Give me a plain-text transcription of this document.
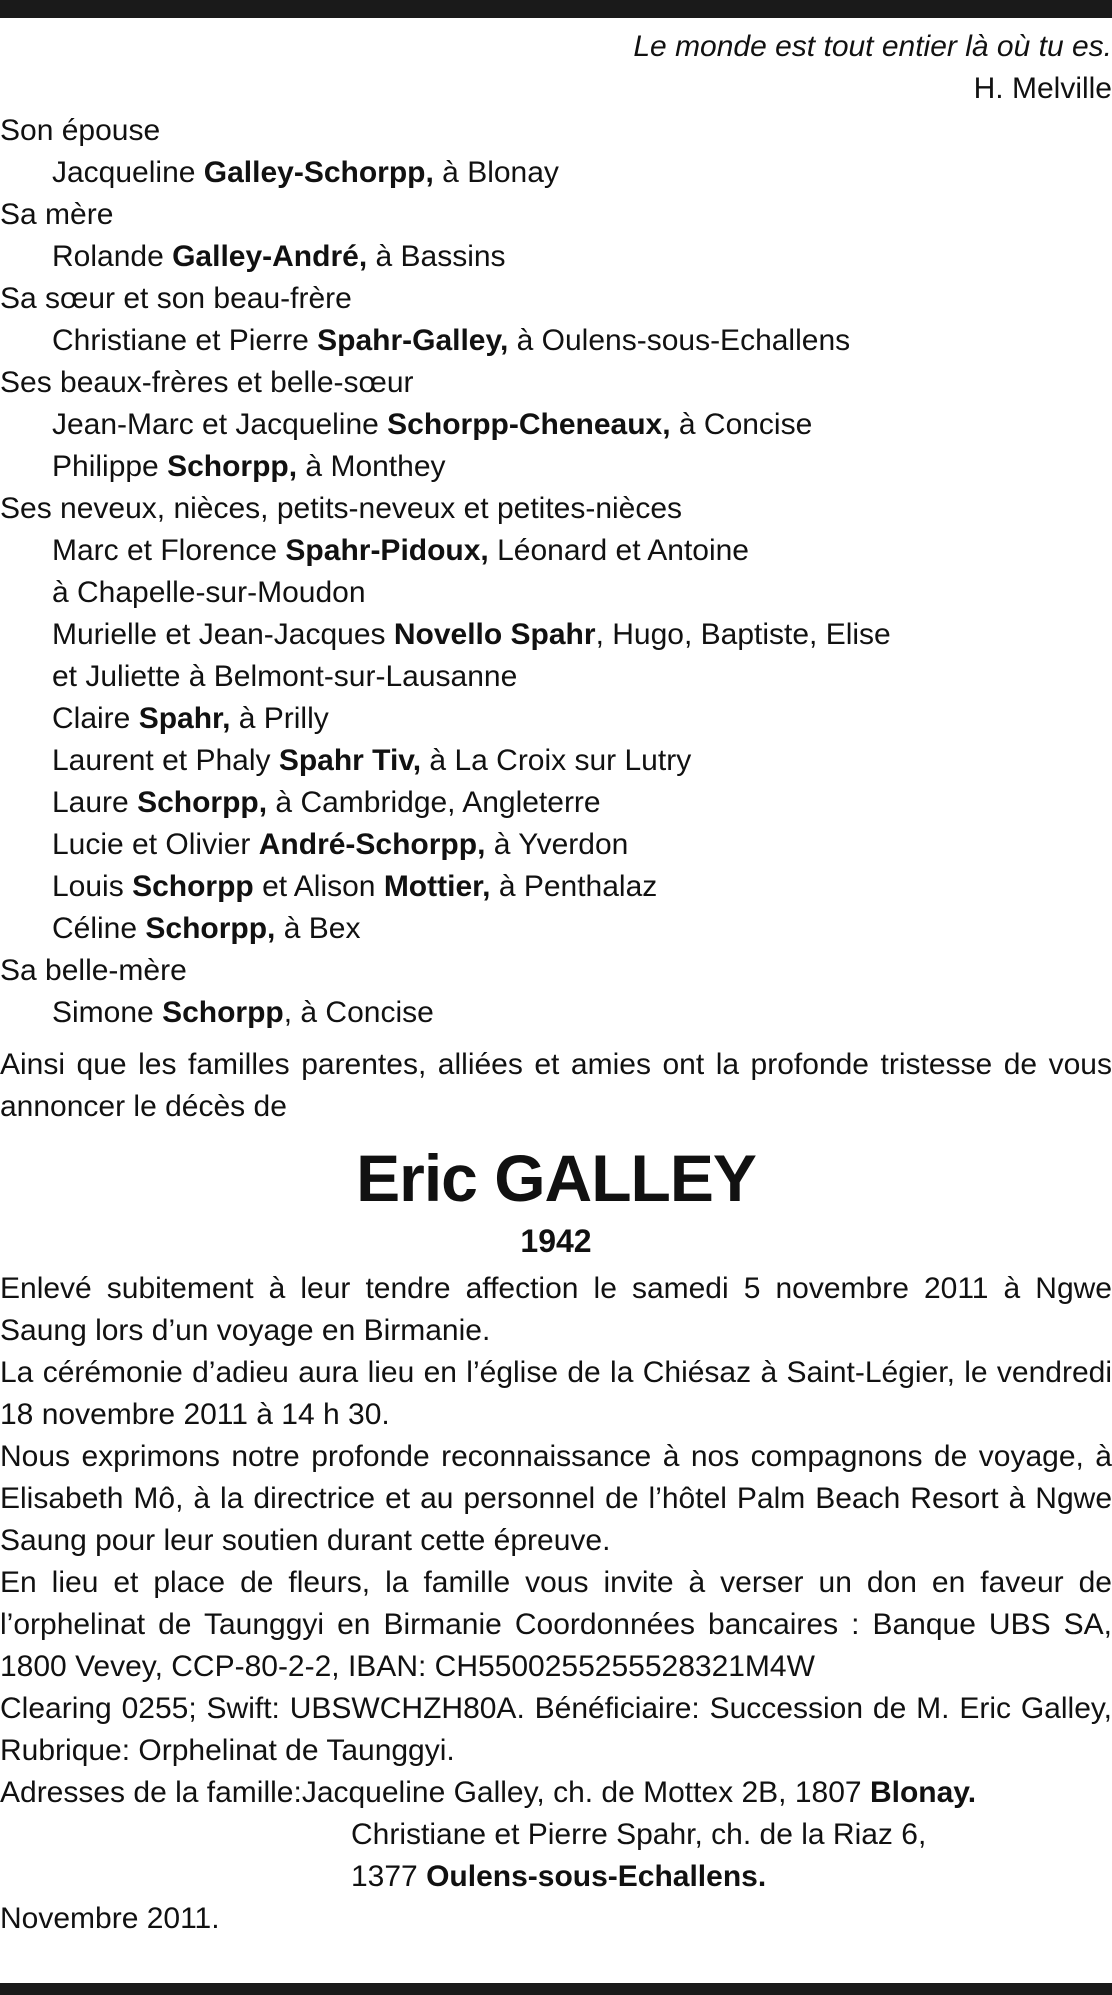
Le monde est tout entier là où tu es.
H. Melville
Son épouse
Jacqueline Galley-Schorpp, à Blonay
Sa mère
Rolande Galley-André, à Bassins
Sa sœur et son beau-frère
Christiane et Pierre Spahr-Galley, à Oulens-sous-Echallens
Ses beaux-frères et belle-sœur
Jean-Marc et Jacqueline Schorpp-Cheneaux, à Concise
Philippe Schorpp, à Monthey
Ses neveux, nièces, petits-neveux et petites-nièces
Marc et Florence Spahr-Pidoux, Léonard et Antoine
à Chapelle-sur-Moudon
Murielle et Jean-Jacques Novello Spahr, Hugo, Baptiste, Elise
et Juliette à Belmont-sur-Lausanne
Claire Spahr, à Prilly
Laurent et Phaly Spahr Tiv, à La Croix sur Lutry
Laure Schorpp, à Cambridge, Angleterre
Lucie et Olivier André-Schorpp, à Yverdon
Louis Schorpp et Alison Mottier, à Penthalaz
Céline Schorpp, à Bex
Sa belle-mère
Simone Schorpp, à Concise
Ainsi que les familles parentes, alliées et amies ont la profonde tristesse de vous annoncer le décès de
Eric GALLEY
1942
Enlevé subitement à leur tendre affection le samedi 5 novembre 2011 à Ngwe Saung lors d’un voyage en Birmanie.
La cérémonie d’adieu aura lieu en l’église de la Chiésaz à Saint-Légier, le vendredi 18 novembre 2011 à 14 h 30.
Nous exprimons notre profonde reconnaissance à nos compagnons de voyage, à Elisabeth Mô, à la directrice et au personnel de l’hôtel Palm Beach Resort à Ngwe Saung pour leur soutien durant cette épreuve.
En lieu et place de fleurs, la famille vous invite à verser un don en faveur de l’orphelinat de Taunggyi en Birmanie Coordonnées bancaires : Banque UBS SA, 1800 Vevey, CCP-80-2-2, IBAN: CH5500255255528321M4W
Clearing 0255; Swift: UBSWCHZH80A. Bénéficiaire: Succession de M. Eric Galley, Rubrique: Orphelinat de Taunggyi.
Adresses de la famille: Jacqueline Galley, ch. de Mottex 2B, 1807 Blonay.
Christiane et Pierre Spahr, ch. de la Riaz 6,
1377 Oulens-sous-Echallens.
Novembre 2011.
